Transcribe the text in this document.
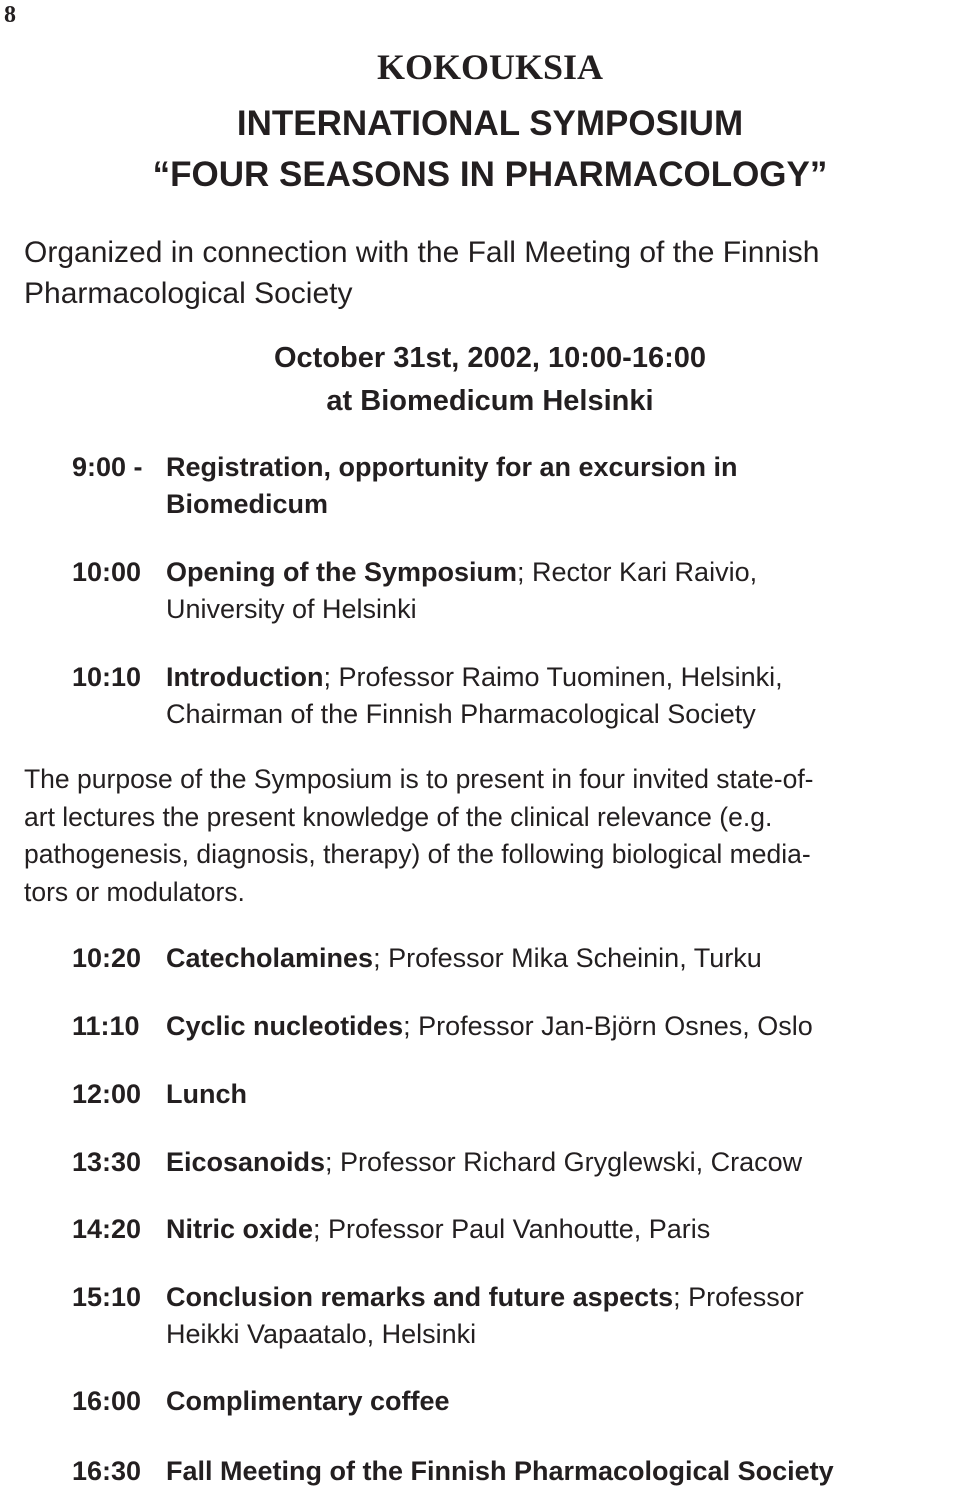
8
KOKOUKSIA
INTERNATIONAL SYMPOSIUM
“FOUR SEASONS IN PHARMACOLOGY”
Organized in connection with the Fall Meeting of the Finnish
Pharmacological Society
October 31st, 2002, 10:00-16:00
at Biomedicum Helsinki
9:00 - Registration, opportunity for an excursion in
Biomedicum
10:00 Opening of the Symposium; Rector Kari Raivio,
University of Helsinki
10:10 Introduction; Professor Raimo Tuominen, Helsinki,
Chairman of the Finnish Pharmacological Society
The purpose of the Symposium is to present in four invited state-of-
art lectures the present knowledge of the clinical relevance (e.g.
pathogenesis, diagnosis, therapy) of the following biological media-
tors or modulators.
10:20 Catecholamines; Professor Mika Scheinin, Turku
11:10 Cyclic nucleotides; Professor Jan-Björn Osnes, Oslo
12:00 Lunch
13:30 Eicosanoids; Professor Richard Gryglewski, Cracow
14:20 Nitric oxide; Professor Paul Vanhoutte, Paris
15:10 Conclusion remarks and future aspects; Professor
Heikki Vapaatalo, Helsinki
16:00 Complimentary coffee
16:30 Fall Meeting of the Finnish Pharmacological Society
